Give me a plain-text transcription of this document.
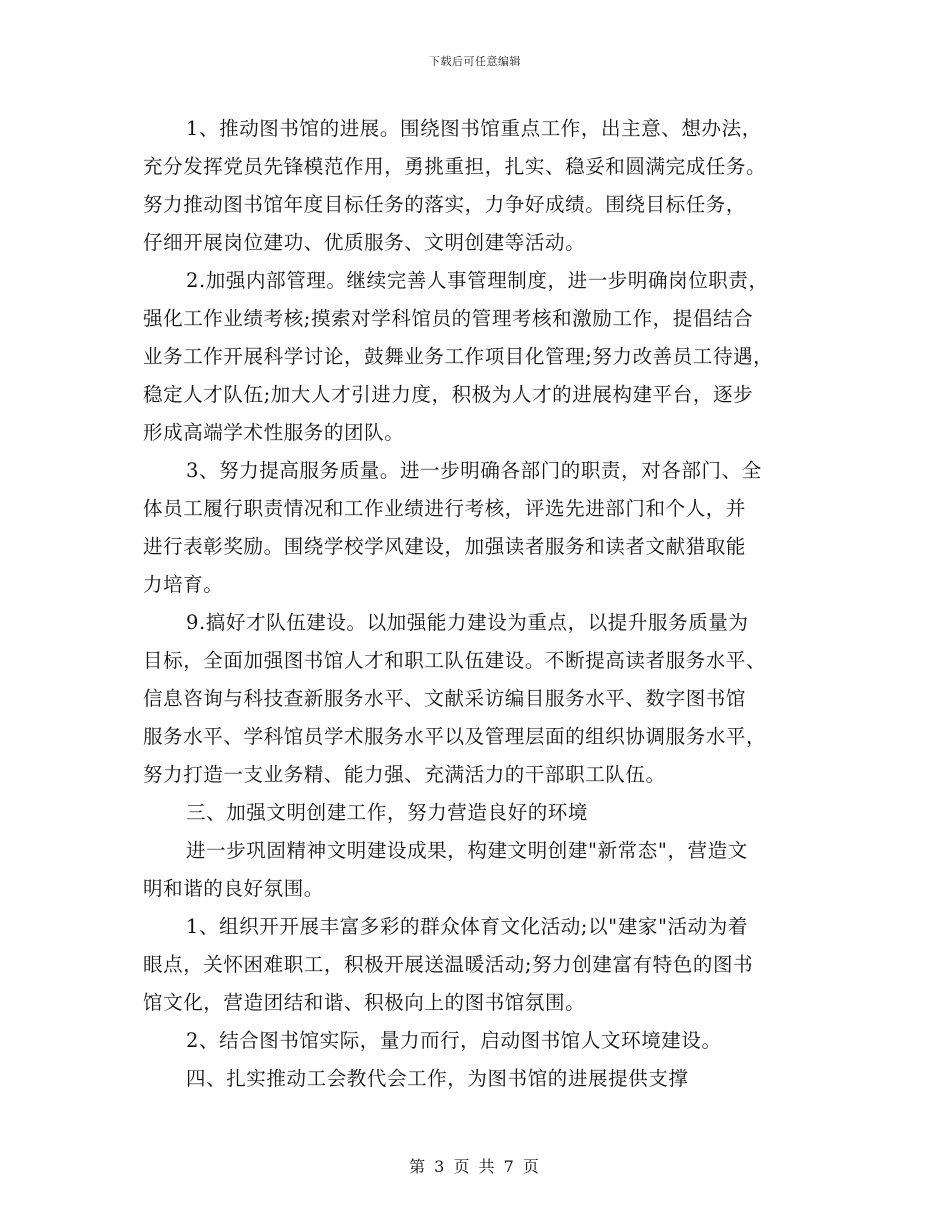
下载后可任意编辑
1、推动图书馆的进展。围绕图书馆重点工作，出主意、想办法，
充分发挥党员先锋模范作用，勇挑重担，扎实、稳妥和圆满完成任务。
努力推动图书馆年度目标任务的落实，力争好成绩。围绕目标任务，
仔细开展岗位建功、优质服务、文明创建等活动。
2.加强内部管理。继续完善人事管理制度，进一步明确岗位职责，
强化工作业绩考核;摸索对学科馆员的管理考核和激励工作，提倡结合
业务工作开展科学讨论，鼓舞业务工作项目化管理;努力改善员工待遇，
稳定人才队伍;加大人才引进力度，积极为人才的进展构建平台，逐步
形成高端学术性服务的团队。
3、努力提高服务质量。进一步明确各部门的职责，对各部门、全
体员工履行职责情况和工作业绩进行考核，评选先进部门和个人，并
进行表彰奖励。围绕学校学风建设，加强读者服务和读者文献猎取能
力培育。
9.搞好才队伍建设。以加强能力建设为重点，以提升服务质量为
目标，全面加强图书馆人才和职工队伍建设。不断提高读者服务水平、
信息咨询与科技查新服务水平、文献采访编目服务水平、数字图书馆
服务水平、学科馆员学术服务水平以及管理层面的组织协调服务水平，
努力打造一支业务精、能力强、充满活力的干部职工队伍。
三、加强文明创建工作，努力营造良好的环境
进一步巩固精神文明建设成果，构建文明创建"新常态"，营造文
明和谐的良好氛围。
1、组织开开展丰富多彩的群众体育文化活动;以"建家"活动为着
眼点，关怀困难职工，积极开展送温暖活动;努力创建富有特色的图书
馆文化，营造团结和谐、积极向上的图书馆氛围。
2、结合图书馆实际，量力而行，启动图书馆人文环境建设。
四、扎实推动工会教代会工作，为图书馆的进展提供支撑
第 3 页 共 7 页
